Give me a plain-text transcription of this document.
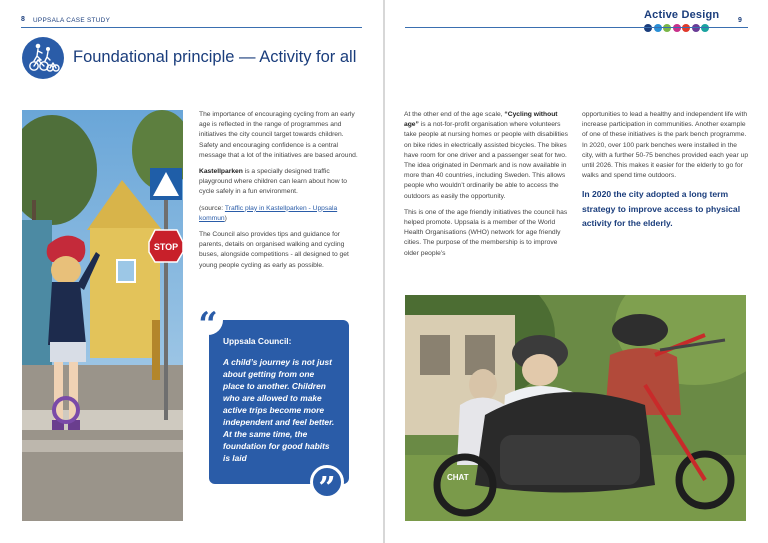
8 UPPSALA CASE STUDY
Foundational principle — Activity for all
STOP

The importance of encouraging cycling from an early age is reflected in the range of programmes and initiatives the city council target towards children. Safety and encouraging confidence is a central message that a lot of the initiatives are based around.

Kastellparken is a specially designed traffic playground where children can learn about how to cycle safely in a fun environment.

(source: Traffic play in Kastellparken - Uppsala kommun)

The Council also provides tips and guidance for parents, details on organised walking and cycling buses, alongside competitions - all designed to get young people cycling as early as possible.

Uppsala Council:
A child’s journey is not just about getting from one place to another. Children who are allowed to make active trips become more independent and feel better. At the same time, the foundation for good habits is laid
“
”
Active Design	9

At the other end of the age scale, “Cycling without age” is a not-for-profit organisation where volunteers take people at nursing homes or people with disabilities on bike rides in electrically assisted bicycles. The bikes have room for one driver and a passenger seat for two. The idea originated in Denmark and is now available in more than 40 countries, including Sweden. This allows people who wouldn’t ordinarily be able to access the outdoors as easily the opportunity.

This is one of the age friendly initiatives the council has helped promote. Uppsala is a member of the World Health Organisations (WHO) network for age friendly cities. The purpose of the membership is to improve older people’s

opportunities to lead a healthy and independent life with increase participation in communities. Another example of one of these initiatives is the park bench programme. In 2020, over 100 park benches were installed in the city, with a further 50-75 benches provided each year up until 2026. This makes it easier for the elderly to go for walks and spend time outdoors.

In 2020 the city adopted a long term strategy to improve access to physical activity for the elderly.
CHAT
